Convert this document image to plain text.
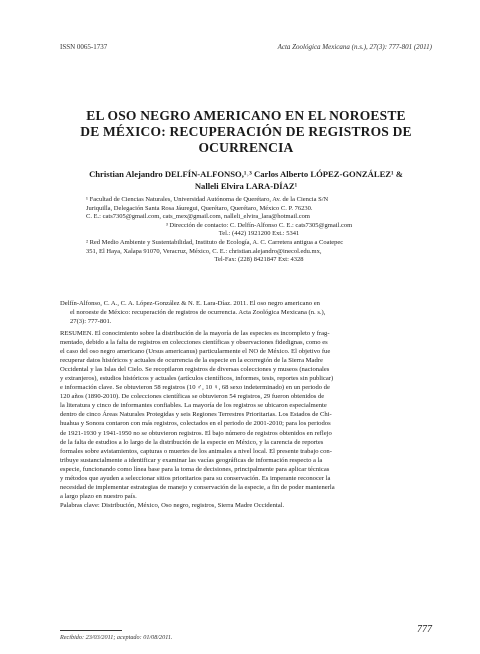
ISSN 0065-1737	Acta Zoológica Mexicana (n.s.), 27(3): 777-801 (2011)
EL OSO NEGRO AMERICANO EN EL NOROESTE
DE MÉXICO: RECUPERACIÓN DE REGISTROS DE
OCURRENCIA
Christian Alejandro DELFÍN-ALFONSO,¹˒³ Carlos Alberto LÓPEZ-GONZÁLEZ¹ &
Nalleli Elvira LARA-DÍAZ¹
¹ Facultad de Ciencias Naturales, Universidad Autónoma de Querétaro, Av. de la Ciencia S/N
Juriquilla, Delegación Santa Rosa Jáuregui, Querétaro, Querétaro, México C. P. 76230.
C. E.: cats7305@gmail.com, cats_mex@gmail.com, nalleli_elvira_lara@hotmail.com
³ Dirección de contacto: C. Delfín-Alfonso C. E.: cats7305@gmail.com
Tel.: (442) 1921200 Ext.: 5341
² Red Medio Ambiente y Sustentabilidad, Instituto de Ecología, A. C. Carretera antigua a Coatepec
351, El Haya, Xalapa 91070, Veracruz, México, C. E.: christian.alejandro@inecol.edu.mx,
Tel-Fax: (228) 8421847 Ext: 4328
Delfín-Alfonso, C. A., C. A. López-González & N. E. Lara-Díaz. 2011. El oso negro americano en
el noroeste de México: recuperación de registros de ocurrencia. Acta Zoológica Mexicana (n. s.),
27(3): 777-801.
RESUMEN. El conocimiento sobre la distribución de la mayoría de las especies es incompleto y frag-
mentado, debido a la falta de registros en colecciones científicas y observaciones fidedignas, como es
el caso del oso negro americano (Ursus americanus) particularmente el NO de México. El objetivo fue
recuperar datos históricos y actuales de ocurrencia de la especie en la ecorregión de la Sierra Madre
Occidental y las Islas del Cielo. Se recopilaron registros de diversas colecciones y museos (nacionales
y extranjeros), estudios históricos y actuales (artículos científicos, informes, tesis, reportes sin publicar)
e información clave. Se obtuvieron 58 registros (10 ♂, 10 ♀, 68 sexo indeterminado) en un periodo de
120 años (1890-2010). De colecciones científicas se obtuvieron 54 registros, 29 fueron obtenidos de
la literatura y cinco de informantes confiables. La mayoría de los registros se ubicaron especialmente
dentro de cinco Áreas Naturales Protegidas y seis Regiones Terrestres Prioritarias. Los Estados de Chi-
huahua y Sonora contaron con más registros, colectados en el periodo de 2001-2010; para los periodos
de 1921-1930 y 1941-1950 no se obtuvieron registros. El bajo número de registros obtenidos en reflejo
de la falta de estudios a lo largo de la distribución de la especie en México, y la carencia de reportes
formales sobre avistamientos, capturas o muertes de los animales a nivel local. El presente trabajo con-
tribuye sustancialmente a identificar y examinar las vacías geográficas de información respecto a la
especie, funcionando como línea base para la toma de decisiones, principalmente para aplicar técnicas
y métodos que ayuden a seleccionar sitios prioritarios para su conservación. Es imperante reconocer la
necesidad de implementar estrategias de manejo y conservación de la especie, a fin de poder mantenerla
a largo plazo en nuestro país.
Palabras clave: Distribución, México, Oso negro, registros, Sierra Madre Occidental.
Recibido: 23/03/2011; aceptado: 01/08/2011.
777
